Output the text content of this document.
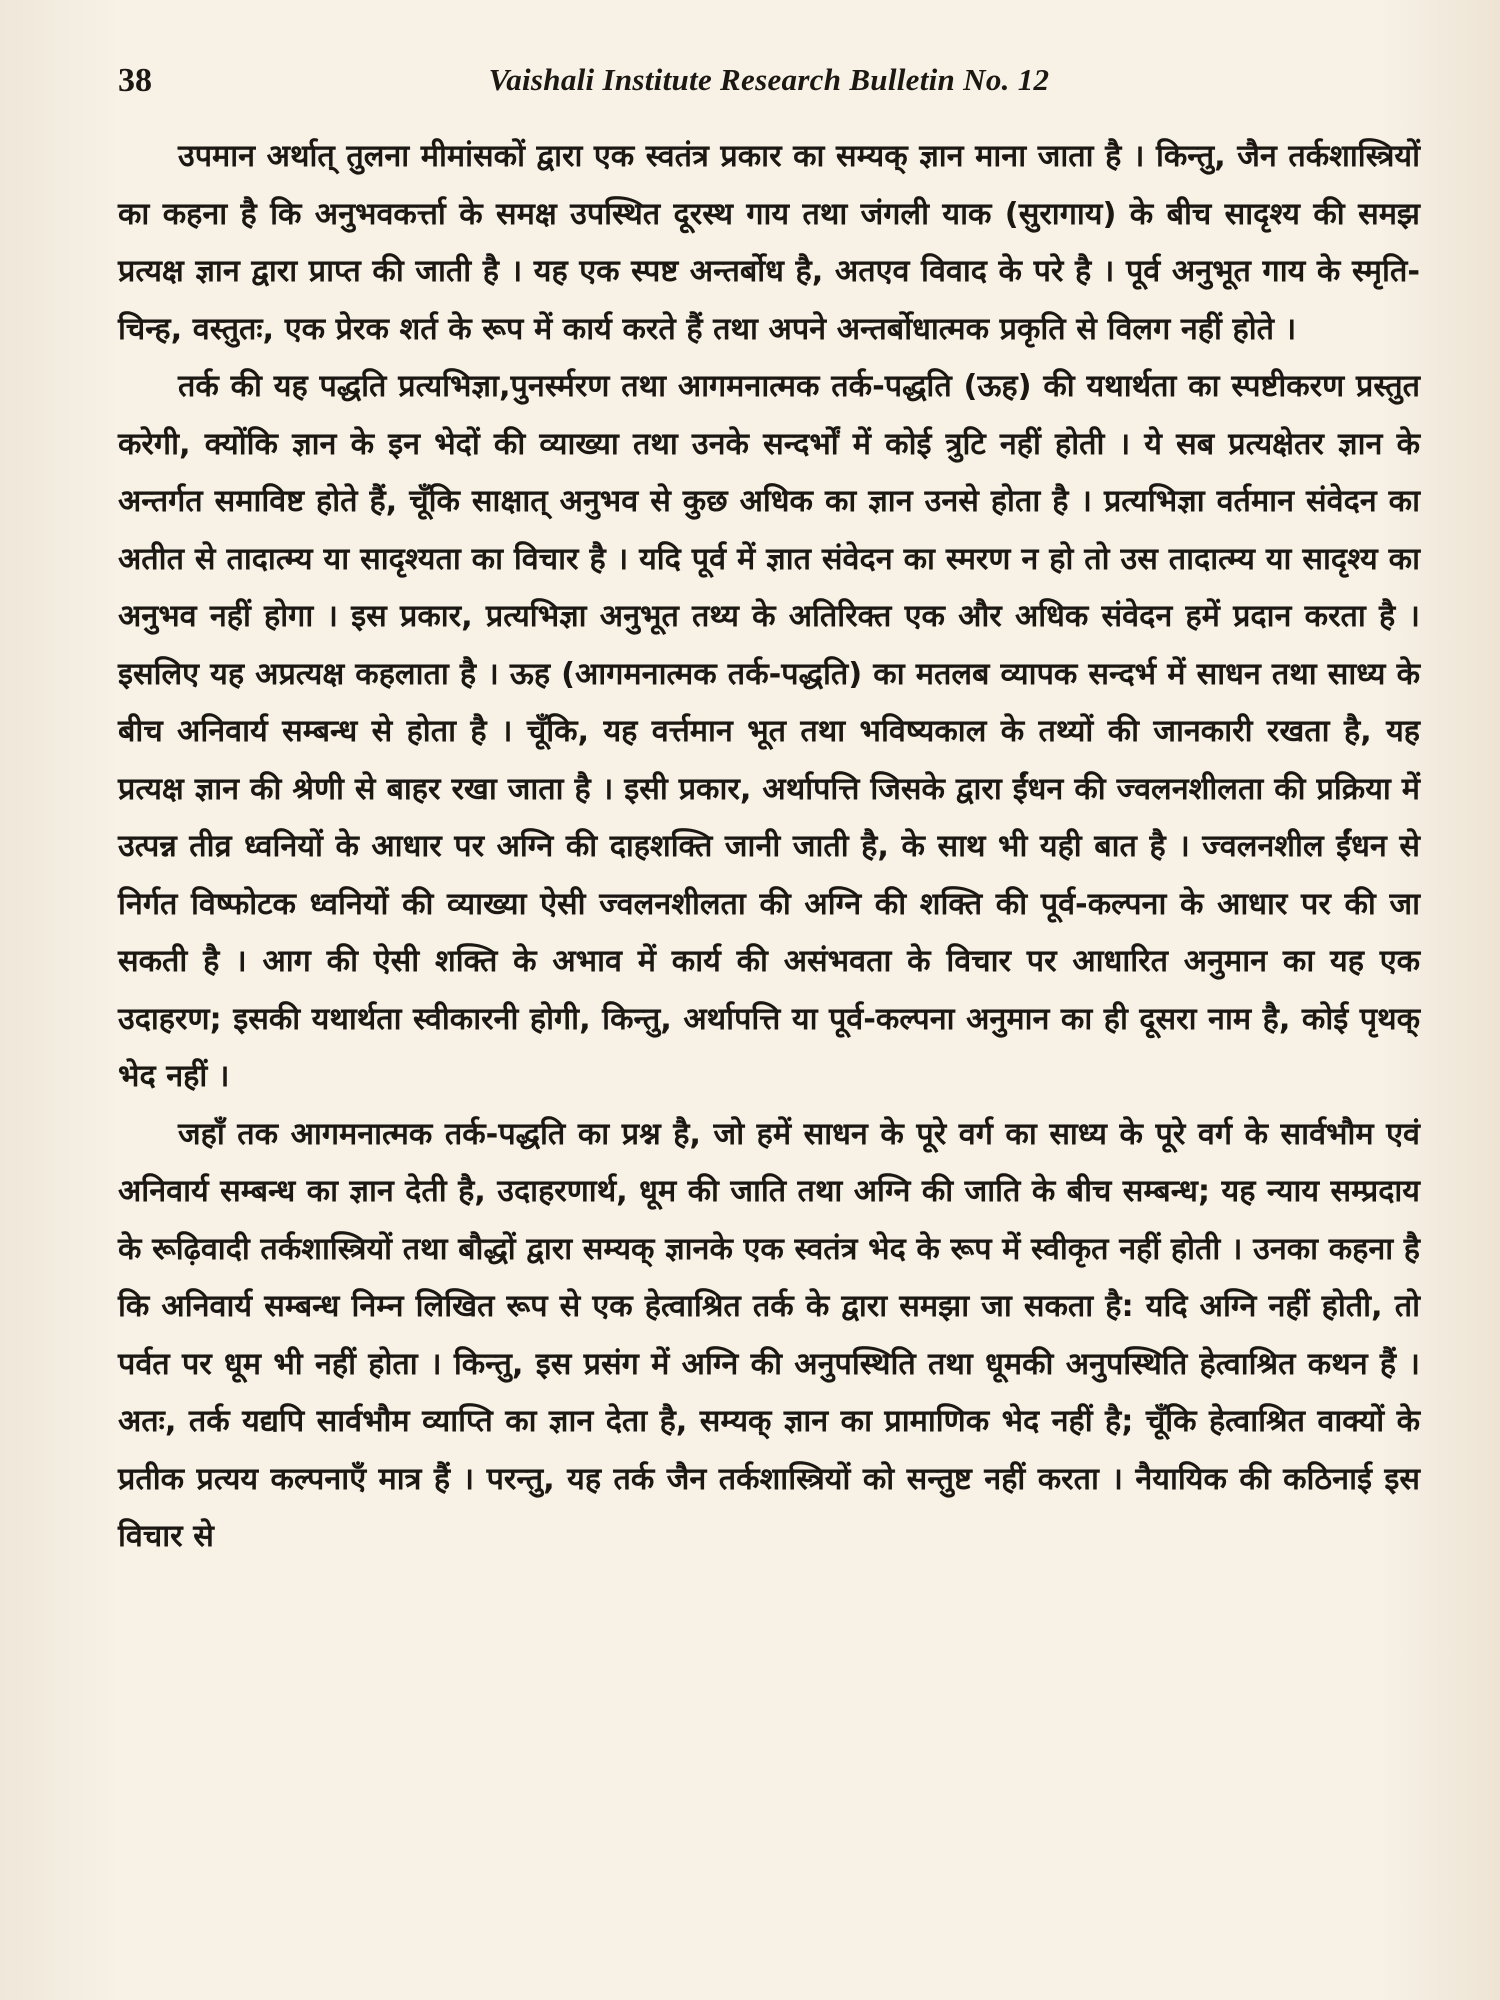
38	Vaishali Institute Research Bulletin No. 12

उपमान अर्थात् तुलना मीमांसकों द्वारा एक स्वतंत्र प्रकार का सम्यक् ज्ञान माना जाता है । किन्तु, जैन तर्कशास्त्रियों का कहना है कि अनुभवकर्त्ता के समक्ष उपस्थित दूरस्थ गाय तथा जंगली याक (सुरागाय) के बीच सादृश्य की समझ प्रत्यक्ष ज्ञान द्वारा प्राप्त की जाती है । यह एक स्पष्ट अन्तर्बोध है, अतएव विवाद के परे है । पूर्व अनुभूत गाय के स्मृति-चिन्ह, वस्तुतः, एक प्रेरक शर्त के रूप में कार्य करते हैं तथा अपने अन्तर्बोधात्मक प्रकृति से विलग नहीं होते ।

तर्क की यह पद्धति प्रत्यभिज्ञा,पुनर्स्मरण तथा आगमनात्मक तर्क-पद्धति (ऊह) की यथार्थता का स्पष्टीकरण प्रस्तुत करेगी, क्योंकि ज्ञान के इन भेदों की व्याख्या तथा उनके सन्दर्भों में कोई त्रुटि नहीं होती । ये सब प्रत्यक्षेतर ज्ञान के अन्तर्गत समाविष्ट होते हैं, चूँकि साक्षात् अनुभव से कुछ अधिक का ज्ञान उनसे होता है । प्रत्यभिज्ञा वर्तमान संवेदन का अतीत से तादात्म्य या सादृश्यता का विचार है । यदि पूर्व में ज्ञात संवेदन का स्मरण न हो तो उस तादात्म्य या सादृश्य का अनुभव नहीं होगा । इस प्रकार, प्रत्यभिज्ञा अनुभूत तथ्य के अतिरिक्त एक और अधिक संवेदन हमें प्रदान करता है । इसलिए यह अप्रत्यक्ष कहलाता है । ऊह (आगमनात्मक तर्क-पद्धति) का मतलब व्यापक सन्दर्भ में साधन तथा साध्य के बीच अनिवार्य सम्बन्ध से होता है । चूँकि, यह वर्त्तमान भूत तथा भविष्यकाल के तथ्यों की जानकारी रखता है, यह प्रत्यक्ष ज्ञान की श्रेणी से बाहर रखा जाता है । इसी प्रकार, अर्थापत्ति जिसके द्वारा ईंधन की ज्वलनशीलता की प्रक्रिया में उत्पन्न तीव्र ध्वनियों के आधार पर अग्नि की दाहशक्ति जानी जाती है, के साथ भी यही बात है । ज्वलनशील ईंधन से निर्गत विष्फोटक ध्वनियों की व्याख्या ऐसी ज्वलनशीलता की अग्नि की शक्ति की पूर्व-कल्पना के आधार पर की जा सकती है । आग की ऐसी शक्ति के अभाव में कार्य की असंभवता के विचार पर आधारित अनुमान का यह एक उदाहरण; इसकी यथार्थता स्वीकारनी होगी, किन्तु, अर्थापत्ति या पूर्व-कल्पना अनुमान का ही दूसरा नाम है, कोई पृथक् भेद नहीं ।

जहाँ तक आगमनात्मक तर्क-पद्धति का प्रश्न है, जो हमें साधन के पूरे वर्ग का साध्य के पूरे वर्ग के सार्वभौम एवं अनिवार्य सम्बन्ध का ज्ञान देती है, उदाहरणार्थ, धूम की जाति तथा अग्नि की जाति के बीच सम्बन्ध; यह न्याय सम्प्रदाय के रूढ़िवादी तर्कशास्त्रियों तथा बौद्धों द्वारा सम्यक् ज्ञानके एक स्वतंत्र भेद के रूप में स्वीकृत नहीं होती । उनका कहना है कि अनिवार्य सम्बन्ध निम्न लिखित रूप से एक हेत्वाश्रित तर्क के द्वारा समझा जा सकता है: यदि अग्नि नहीं होती, तो पर्वत पर धूम भी नहीं होता । किन्तु, इस प्रसंग में अग्नि की अनुपस्थिति तथा धूमकी अनुपस्थिति हेत्वाश्रित कथन हैं । अतः, तर्क यद्यपि सार्वभौम व्याप्ति का ज्ञान देता है, सम्यक् ज्ञान का प्रामाणिक भेद नहीं है; चूँकि हेत्वाश्रित वाक्यों के प्रतीक प्रत्यय कल्पनाएँ मात्र हैं । परन्तु, यह तर्क जैन तर्कशास्त्रियों को सन्तुष्ट नहीं करता । नैयायिक की कठिनाई इस विचार से
